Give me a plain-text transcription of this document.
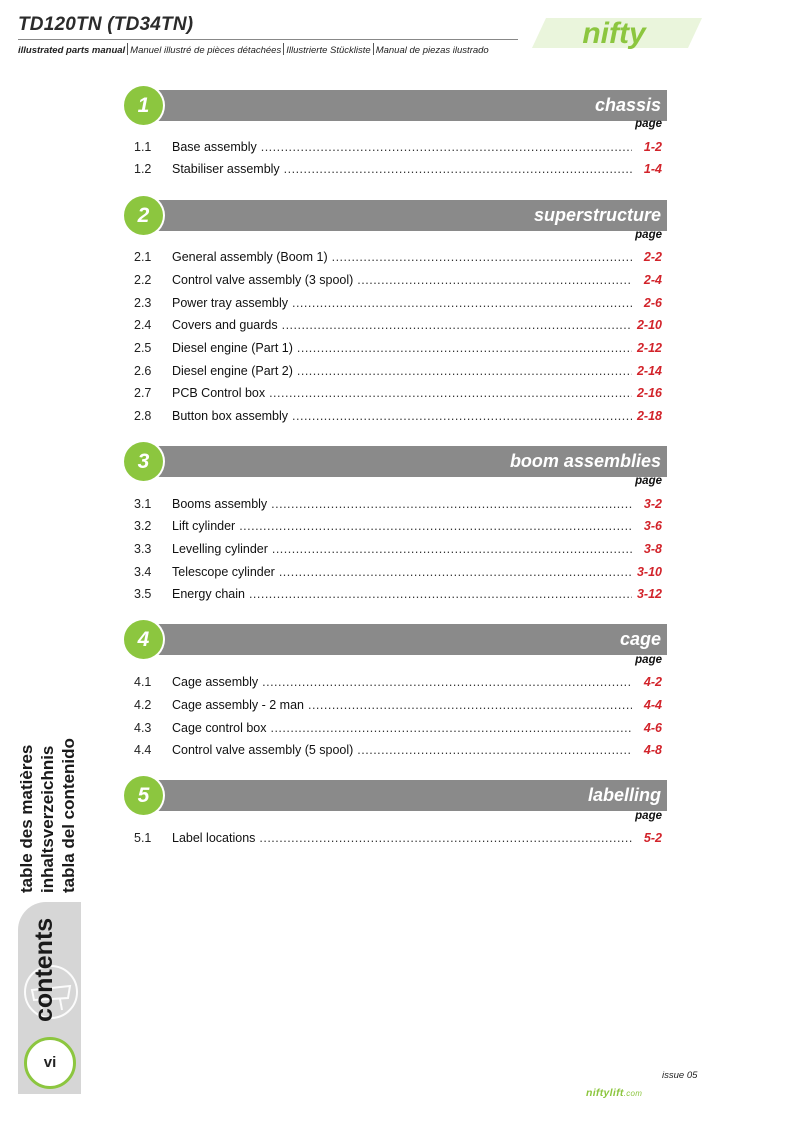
TD120TN (TD34TN)
illustrated parts manual Manuel illustré de pièces détachées Illustrierte Stückliste Manual de piezas ilustrado
nifty
1	chassis
page
1.1 Base assembly .....	1-2
1.2 Stabiliser assembly .....	1-4
2	superstructure
page
2.1 General assembly (Boom 1) .....	2-2
2.2 Control valve assembly (3 spool) .....	2-4
2.3 Power tray assembly .....	2-6
2.4 Covers and guards .....	2-10
2.5 Diesel engine (Part 1) .....	2-12
2.6 Diesel engine (Part 2) .....	2-14
2.7 PCB Control box .....	2-16
2.8 Button box assembly .....	2-18
3	boom assemblies
page
3.1 Booms assembly .....	3-2
3.2 Lift cylinder .....	3-6
3.3 Levelling cylinder .....	3-8
3.4 Telescope cylinder .....	3-10
3.5 Energy chain .....	3-12
4	cage
page
4.1 Cage assembly .....	4-2
4.2 Cage assembly - 2 man .....	4-4
4.3 Cage control box .....	4-6
4.4 Control valve assembly (5 spool) .....	4-8
5	labelling
page
5.1 Label locations .....	5-2
contents
table des matières inhaltsverzeichnis tabla del contenido
vi
issue 05
niftylift.com
